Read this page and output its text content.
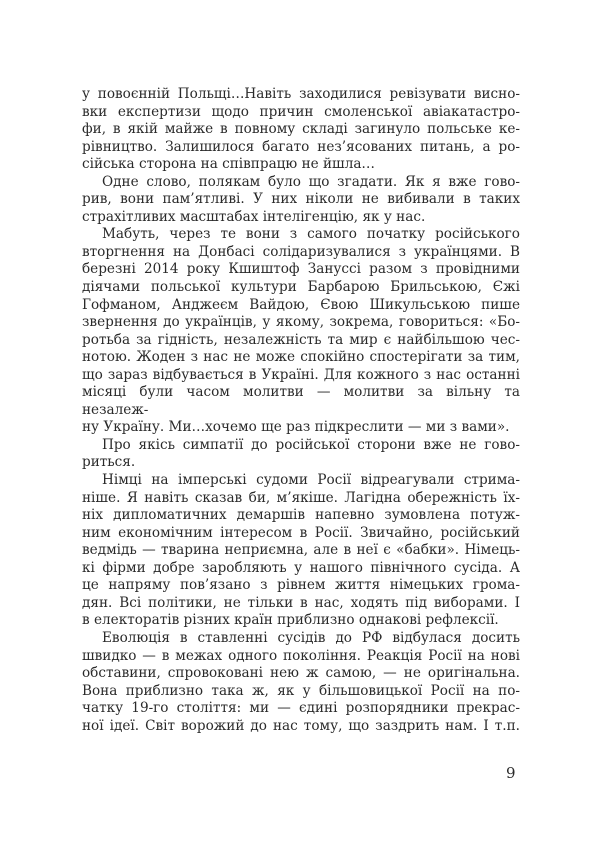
у повоєнній Польщі…Навіть заходилися ревізувати висно-
вки експертизи щодо причин смоленської авіакатастро-
фи, в якій майже в повному складі загинуло польське ке-
рівництво. Залишилося багато нез’ясованих питань, а ро-
сійська сторона на співпрацю не йшла…
Одне слово, полякам було що згадати. Як я вже гово-
рив, вони пам’ятливі. У них ніколи не вибивали в таких
страхітливих масштабах інтелігенцію, як у нас.
Мабуть, через те вони з самого початку російського
вторгнення на Донбасі солідаризувалися з українцями. В
березні 2014 року Кшиштоф Зануссі разом з провідними
діячами польської культури Барбарою Брильською, Єжі
Гофманом, Анджеєм Вайдою, Євою Шикульською пише
звернення до українців, у якому, зокрема, говориться: «Бо-
ротьба за гідність, незалежність та мир є найбільшою чес-
нотою. Жоден з нас не може спокійно спостерігати за тим,
що зараз відбувається в Україні. Для кожного з нас останні
місяці були часом молитви — молитви за вільну та незалеж-
ну Україну. Ми…хочемо ще раз підкреслити — ми з вами».
Про якісь симпатії до російської сторони вже не гово-
риться.
Німці на імперські судоми Росії відреагували стрима-
ніше. Я навіть сказав би, м’якіше. Лагідна обережність їх-
ніх дипломатичних демаршів напевно зумовлена потуж-
ним економічним інтересом в Росії. Звичайно, російський
ведмідь — тварина неприємна, але в неї є «бабки». Німець-
кі фірми добре заробляють у нашого північного сусіда. А
це напряму пов’язано з рівнем життя німецьких грома-
дян. Всі політики, не тільки в нас, ходять під виборами. І
в електоратів різних країн приблизно однакові рефлексії.
Еволюція в ставленні сусідів до РФ відбулася досить
швидко — в межах одного покоління. Реакція Росії на нові
обставини, спровоковані нею ж самою, — не оригінальна.
Вона приблизно така ж, як у більшовицької Росії на по-
чатку 19-го століття: ми — єдині розпорядники прекрас-
ної ідеї. Світ ворожий до нас тому, що заздрить нам. І т.п.
9
